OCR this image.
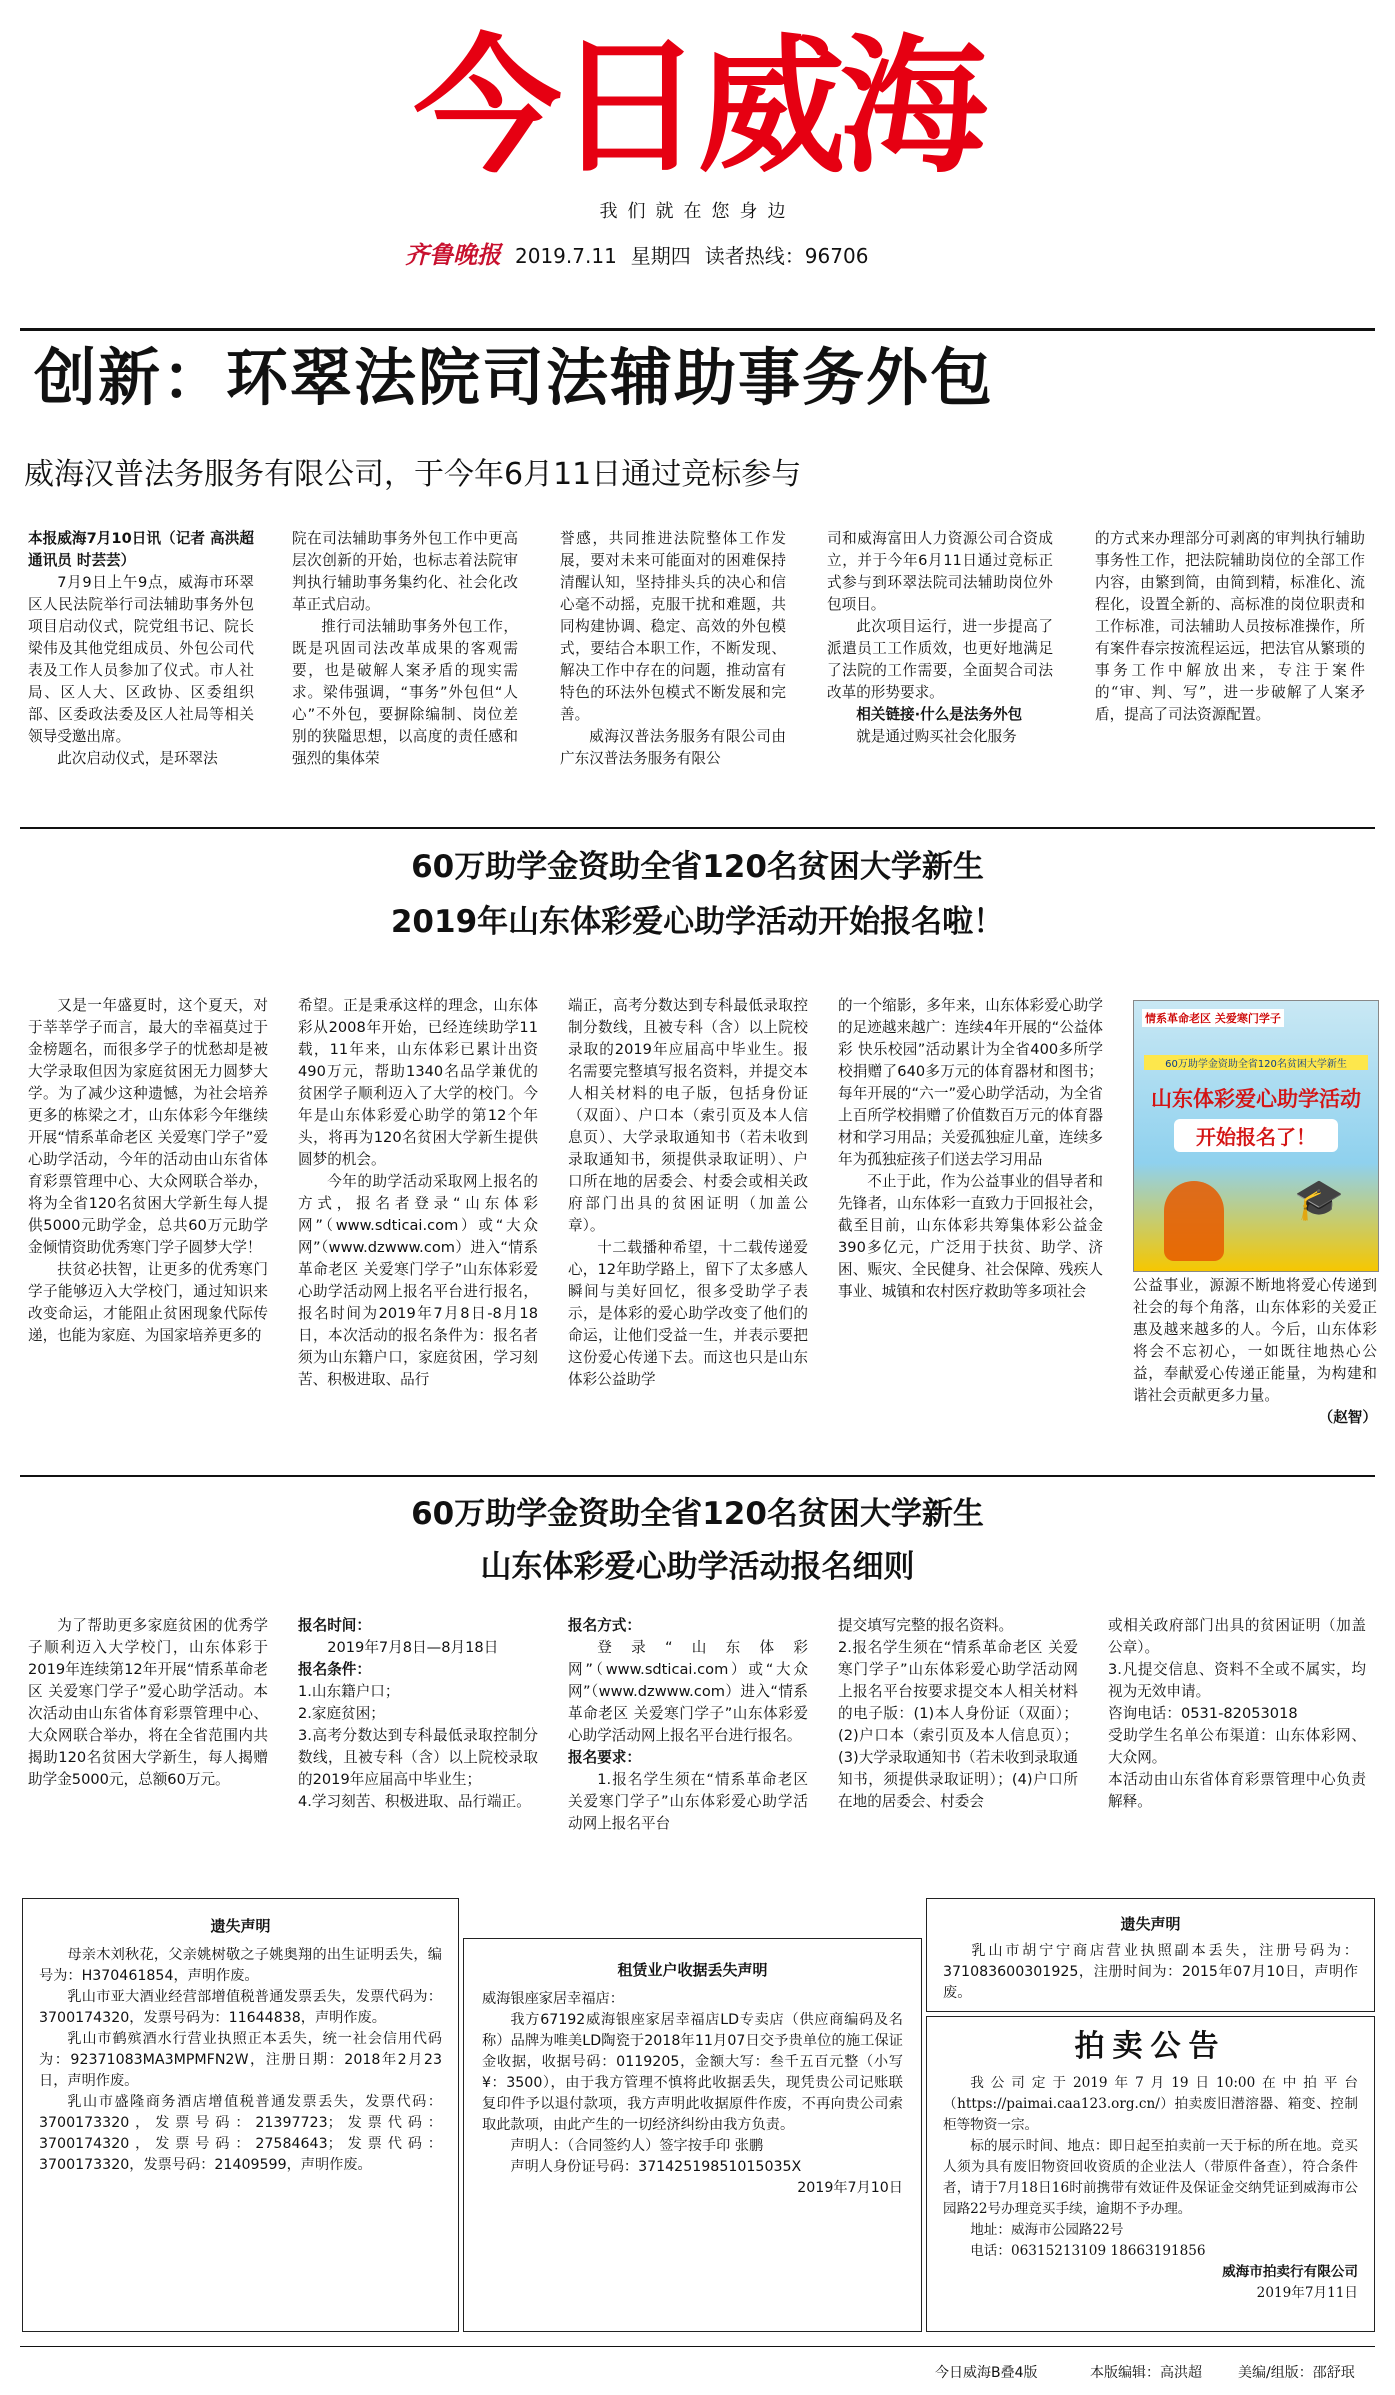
今日威海
我们就在您身边
齐鲁晚报 2019.7.11 星期四 读者热线：96706
创新：环翠法院司法辅助事务外包
威海汉普法务服务有限公司，于今年6月11日通过竞标参与

本报威海7月10日讯（记者 高洪超 通讯员 时芸芸）

7月9日上午9点，威海市环翠区人民法院举行司法辅助事务外包项目启动仪式，院党组书记、院长梁伟及其他党组成员、外包公司代表及工作人员参加了仪式。市人社局、区人大、区政协、区委组织部、区委政法委及区人社局等相关领导受邀出席。

此次启动仪式，是环翠法

院在司法辅助事务外包工作中更高层次创新的开始，也标志着法院审判执行辅助事务集约化、社会化改革正式启动。

推行司法辅助事务外包工作，既是巩固司法改革成果的客观需要，也是破解人案矛盾的现实需求。梁伟强调，“事务”外包但“人心”不外包，要摒除编制、岗位差别的狭隘思想，以高度的责任感和强烈的集体荣

誉感，共同推进法院整体工作发展，要对未来可能面对的困难保持清醒认知，坚持排头兵的决心和信心毫不动摇，克服干扰和难题，共同构建协调、稳定、高效的外包模式，要结合本职工作，不断发现、解决工作中存在的问题，推动富有特色的环法外包模式不断发展和完善。

威海汉普法务服务有限公司由广东汉普法务服务有限公

司和威海富田人力资源公司合资成立，并于今年6月11日通过竞标正式参与到环翠法院司法辅助岗位外包项目。

此次项目运行，进一步提高了派遣员工工作质效，也更好地满足了法院的工作需要，全面契合司法改革的形势要求。

相关链接·什么是法务外包

就是通过购买社会化服务

的方式来办理部分可剥离的审判执行辅助事务性工作，把法院辅助岗位的全部工作内容，由繁到简，由简到精，标准化、流程化，设置全新的、高标准的岗位职责和工作标准，司法辅助人员按标准操作，所有案件春宗按流程运远，把法官从繁琐的事务工作中解放出来，专注于案件的“审、判、写”，进一步破解了人案矛盾，提高了司法资源配置。

60万助学金资助全省120名贫困大学新生
2019年山东体彩爱心助学活动开始报名啦！

又是一年盛夏时，这个夏天，对于莘莘学子而言，最大的幸福莫过于金榜题名，而很多学子的忧愁却是被大学录取但因为家庭贫困无力圆梦大学。为了减少这种遗憾，为社会培养更多的栋梁之才，山东体彩今年继续开展“情系革命老区 关爱寒门学子”爱心助学活动，今年的活动由山东省体育彩票管理中心、大众网联合举办，将为全省120名贫困大学新生每人提供5000元助学金，总共60万元助学金倾情资助优秀寒门学子圆梦大学！

扶贫必扶智，让更多的优秀寒门学子能够迈入大学校门，通过知识来改变命运，才能阻止贫困现象代际传递，也能为家庭、为国家培养更多的

希望。正是秉承这样的理念，山东体彩从2008年开始，已经连续助学11载，11年来，山东体彩已累计出资490万元，帮助1340名品学兼优的贫困学子顺利迈入了大学的校门。今年是山东体彩爱心助学的第12个年头，将再为120名贫困大学新生提供圆梦的机会。

今年的助学活动采取网上报名的方式，报名者登录“山东体彩网”（www.sdticai.com）或“大众网”（www.dzwww.com）进入“情系革命老区 关爱寒门学子”山东体彩爱心助学活动网上报名平台进行报名，报名时间为2019年7月8日-8月18日，本次活动的报名条件为：报名者须为山东籍户口，家庭贫困，学习刻苦、积极进取、品行

端正，高考分数达到专科最低录取控制分数线，且被专科（含）以上院校录取的2019年应届高中毕业生。报名需要完整填写报名资料，并提交本人相关材料的电子版，包括身份证（双面）、户口本（索引页及本人信息页）、大学录取通知书（若未收到录取通知书，须提供录取证明）、户口所在地的居委会、村委会或相关政府部门出具的贫困证明（加盖公章）。

十二载播种希望，十二载传递爱心，12年助学路上，留下了太多感人瞬间与美好回忆，很多受助学子表示，是体彩的爱心助学改变了他们的命运，让他们受益一生，并表示要把这份爱心传递下去。而这也只是山东体彩公益助学

的一个缩影，多年来，山东体彩爱心助学的足迹越来越广：连续4年开展的“公益体彩 快乐校园”活动累计为全省400多所学校捐赠了640多万元的体育器材和图书；每年开展的“六一”爱心助学活动，为全省上百所学校捐赠了价值数百万元的体育器材和学习用品；关爱孤独症儿童，连续多年为孤独症孩子们送去学习用品

不止于此，作为公益事业的倡导者和先锋者，山东体彩一直致力于回报社会，截至目前，山东体彩共筹集体彩公益金390多亿元，广泛用于扶贫、助学、济困、赈灾、全民健身、社会保障、残疾人事业、城镇和农村医疗救助等多项社会

情系革命老区 关爱寒门学子
60万助学金资助全省120名贫困大学新生
山东体彩爱心助学活动
开始报名了！
🎓

公益事业，源源不断地将爱心传递到社会的每个角落，山东体彩的关爱正惠及越来越多的人。今后，山东体彩将会不忘初心，一如既往地热心公益，奉献爱心传递正能量，为构建和谐社会贡献更多力量。

（赵智）
60万助学金资助全省120名贫困大学新生
山东体彩爱心助学活动报名细则

为了帮助更多家庭贫困的优秀学子顺利迈入大学校门，山东体彩于2019年连续第12年开展“情系革命老区 关爱寒门学子”爱心助学活动。本次活动由山东省体育彩票管理中心、大众网联合举办，将在全省范围内共揭助120名贫困大学新生，每人揭赠助学金5000元，总额60万元。

报名时间：

2019年7月8日—8月18日

报名条件：

1.山东籍户口；
2.家庭贫困；
3.高考分数达到专科最低录取控制分数线，且被专科（含）以上院校录取的2019年应届高中毕业生；
4.学习刻苦、积极进取、品行端正。

报名方式：

登录“山东体彩网”（www.sdticai.com）或“大众网”（www.dzwww.com）进入“情系革命老区 关爱寒门学子”山东体彩爱心助学活动网上报名平台进行报名。

报名要求：

1.报名学生须在“情系革命老区 关爱寒门学子”山东体彩爱心助学活动网上报名平台

提交填写完整的报名资料。
2.报名学生须在“情系革命老区 关爱寒门学子”山东体彩爱心助学活动网上报名平台按要求提交本人相关材料的电子版：(1)本人身份证（双面）；(2)户口本（索引页及本人信息页）；(3)大学录取通知书（若未收到录取通知书，须提供录取证明）；(4)户口所在地的居委会、村委会

或相关政府部门出具的贫困证明（加盖公章）。
3.凡提交信息、资料不全或不属实，均视为无效申请。
咨询电话：0531-82053018
受助学生名单公布渠道：山东体彩网、大众网。
本活动由山东省体育彩票管理中心负责解释。

遗失声明

母亲木刘秋花，父亲姚树敬之子姚奥翔的出生证明丢失，编号为：H370461854，声明作废。

乳山市亚大酒业经营部增值税普通发票丢失，发票代码为：3700174320，发票号码为：11644838，声明作废。

乳山市鹤殡酒水行营业执照正本丢失，统一社会信用代码为：92371083MA3MPMFN2W，注册日期：2018年2月23日，声明作废。

乳山市盛隆商务酒店增值税普通发票丢失，发票代码：3700173320，发票号码：21397723；发票代码：3700174320，发票号码：27584643；发票代码：3700173320，发票号码：21409599，声明作废。

租赁业户收据丢失声明

威海银座家居幸福店：

我方67192威海银座家居幸福店LD专卖店（供应商编码及名称）品牌为唯美LD陶瓷于2018年11月07日交予贵单位的施工保证金收据，收据号码：0119205，金额大写：叁千五百元整（小写¥：3500），由于我方管理不慎将此收据丢失，现凭贵公司记账联复印件予以退付款项，我方声明此收据原件作废，不再向贵公司索取此款项，由此产生的一切经济纠纷由我方负责。

声明人：（合同签约人）签字按手印 张鹏

声明人身份证号码：37142519851015035X

2019年7月10日
遗失声明

乳山市胡宁宁商店营业执照副本丢失，注册号码为：371083600301925，注册时间为：2015年07月10日，声明作废。

拍卖公告

我公司定于2019年7月19日10:00在中拍平台（https://paimai.caa123.org.cn/）拍卖废旧潜溶器、箱变、控制柜等物资一宗。

标的展示时间、地点：即日起至拍卖前一天于标的所在地。竞买人须为具有废旧物资回收资质的企业法人（带原件备查），符合条件者，请于7月18日16时前携带有效证件及保证金交纳凭证到威海市公园路22号办理竞买手续，逾期不予办理。

地址：威海市公园路22号

电话：06315213109 18663191856

威海市拍卖行有限公司
2019年7月11日
今日威海B叠4版	本版编辑：高洪超	美编/组版：邵舒珉
